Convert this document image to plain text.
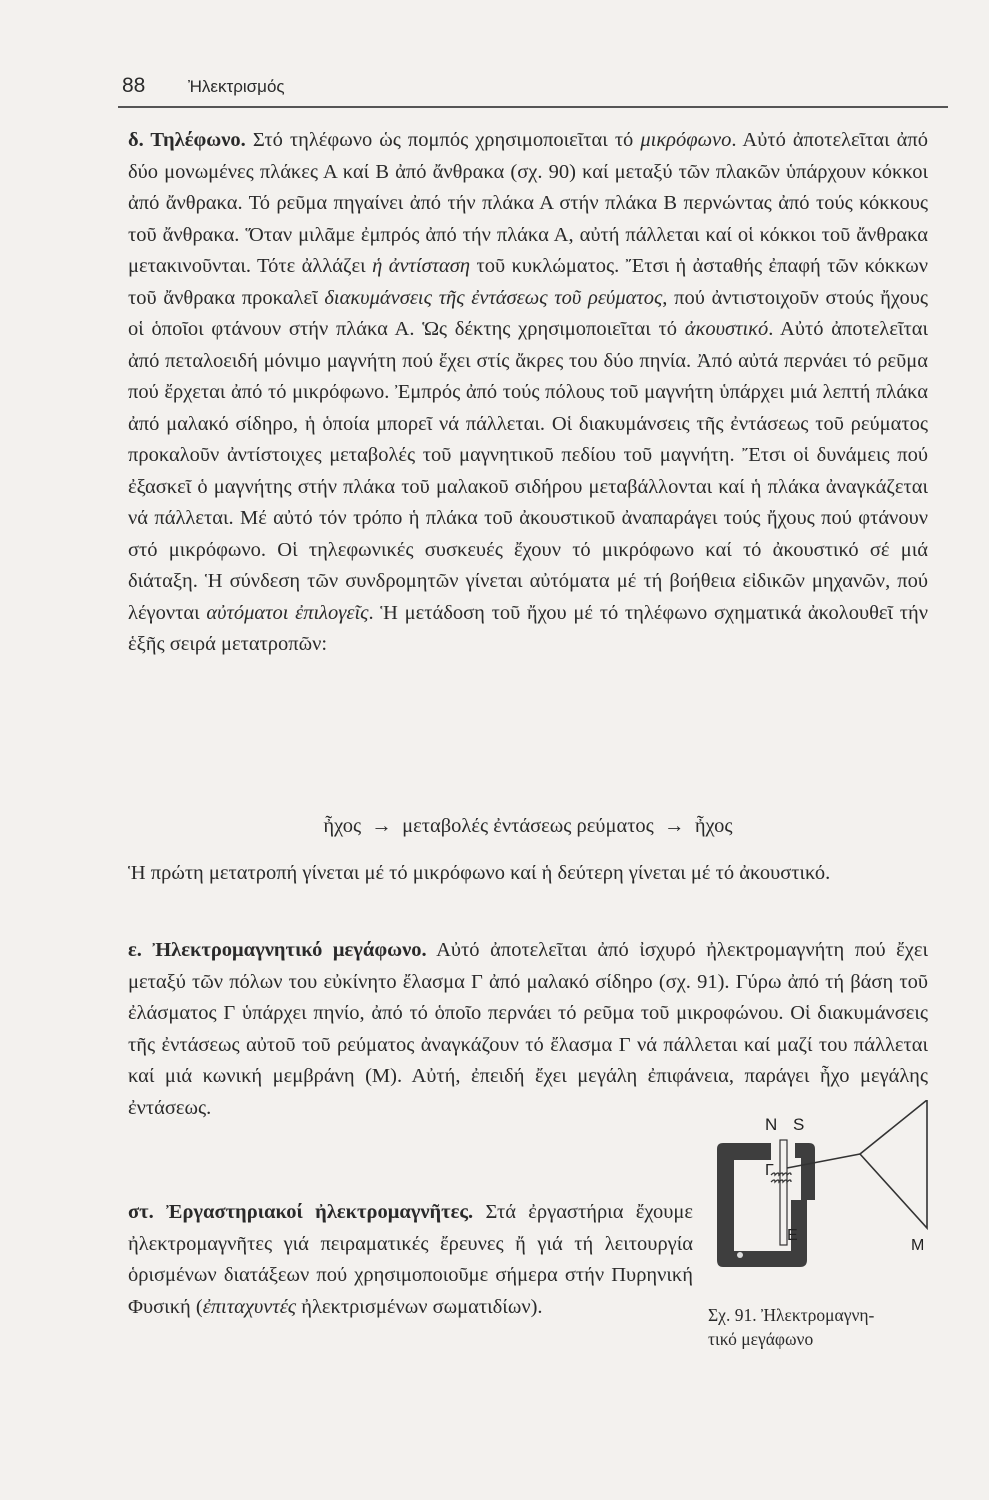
88	Ἠλεκτρισμός

δ. Τηλέφωνο. Στό τηλέφωνο ὡς πομπός χρησιμοποιεῖται τό μικρόφωνο. Αὐτό ἀποτελεῖται ἀπό δύο μονωμένες πλάκες Α καί Β ἀπό ἄνθρακα (σχ. 90) καί μεταξύ τῶν πλακῶν ὑπάρχουν κόκκοι ἀπό ἄνθρακα. Τό ρεῦμα πηγαίνει ἀπό τήν πλάκα Α στήν πλάκα Β περνώντας ἀπό τούς κόκκους τοῦ ἄνθρακα. Ὅταν μιλᾶμε ἐμπρός ἀπό τήν πλάκα Α, αὐτή πάλλεται καί οἱ κόκκοι τοῦ ἄνθρακα μετακινοῦνται. Τότε ἀλλάζει ἡ ἀντίσταση τοῦ κυκλώματος. Ἔτσι ἡ ἀσταθής ἐπαφή τῶν κόκκων τοῦ ἄνθρακα προκαλεῖ διακυμάνσεις τῆς ἐντάσεως τοῦ ρεύματος, πού ἀντιστοιχοῦν στούς ἤχους οἱ ὁποῖοι φτάνουν στήν πλάκα Α. Ὡς δέκτης χρησιμοποιεῖται τό ἀκουστικό. Αὐτό ἀποτελεῖται ἀπό πεταλοειδή μόνιμο μαγνήτη πού ἔχει στίς ἄκρες του δύο πηνία. Ἀπό αὐτά περνάει τό ρεῦμα πού ἔρχεται ἀπό τό μικρόφωνο. Ἐμπρός ἀπό τούς πόλους τοῦ μαγνήτη ὑπάρχει μιά λεπτή πλάκα ἀπό μαλακό σίδηρο, ἡ ὁποία μπορεῖ νά πάλλεται. Οἱ διακυμάνσεις τῆς ἐντάσεως τοῦ ρεύματος προκαλοῦν ἀντίστοιχες μεταβολές τοῦ μαγνητικοῦ πεδίου τοῦ μαγνήτη. Ἔτσι οἱ δυνάμεις πού ἐξασκεῖ ὁ μαγνήτης στήν πλάκα τοῦ μαλακοῦ σιδήρου μεταβάλλονται καί ἡ πλάκα ἀναγκάζεται νά πάλλεται. Μέ αὐτό τόν τρόπο ἡ πλάκα τοῦ ἀκουστικοῦ ἀναπαράγει τούς ἤχους πού φτάνουν στό μικρόφωνο. Οἱ τηλεφωνικές συσκευές ἔχουν τό μικρόφωνο καί τό ἀκουστικό σέ μιά διάταξη. Ἡ σύνδεση τῶν συνδρομητῶν γίνεται αὐτόματα μέ τή βοήθεια εἰδικῶν μηχανῶν, πού λέγονται αὐτόματοι ἐπιλογεῖς. Ἡ μετάδοση τοῦ ἤχου μέ τό τηλέφωνο σχηματικά ἀκολουθεῖ τήν ἑξῆς σειρά μετατροπῶν:

ἦχος → μεταβολές ἐντάσεως ρεύματος → ἦχος

Ἡ πρώτη μετατροπή γίνεται μέ τό μικρόφωνο καί ἡ δεύτερη γίνεται μέ τό ἀκουστικό.

ε. Ἠλεκτρομαγνητικό μεγάφωνο. Αὐτό ἀποτελεῖται ἀπό ἰσχυρό ἠλεκτρομαγνήτη πού ἔχει μεταξύ τῶν πόλων του εὐκίνητο ἔλασμα Γ ἀπό μαλακό σίδηρο (σχ. 91). Γύρω ἀπό τή βάση τοῦ ἐλάσματος Γ ὑπάρχει πηνίο, ἀπό τό ὁποῖο περνάει τό ρεῦμα τοῦ μικροφώνου. Οἱ διακυμάνσεις τῆς ἐντάσεως αὐτοῦ τοῦ ρεύματος ἀναγκάζουν τό ἔλασμα Γ νά πάλλεται καί μαζί του πάλλεται καί μιά κωνική μεμβράνη (Μ). Αὐτή, ἐπειδή ἔχει μεγάλη ἐπιφάνεια, παράγει ἦχο μεγάλης ἐντάσεως.

στ. Ἐργαστηριακοί ἠλεκτρομαγνῆτες. Στά ἐργαστήρια ἔχουμε ἠλεκτρομαγνῆτες γιά πειραματικές ἔρευνες ἤ γιά τή λειτουργία ὁρισμένων διατάξεων πού χρησιμοποιοῦμε σήμερα στήν Πυρηνική Φυσική (ἐπιταχυντές ἠλεκτρισμένων σωματιδίων).

N S
Γ
E
M
Σχ. 91. Ἠλεκτρομαγνη-
τικό μεγάφωνο
